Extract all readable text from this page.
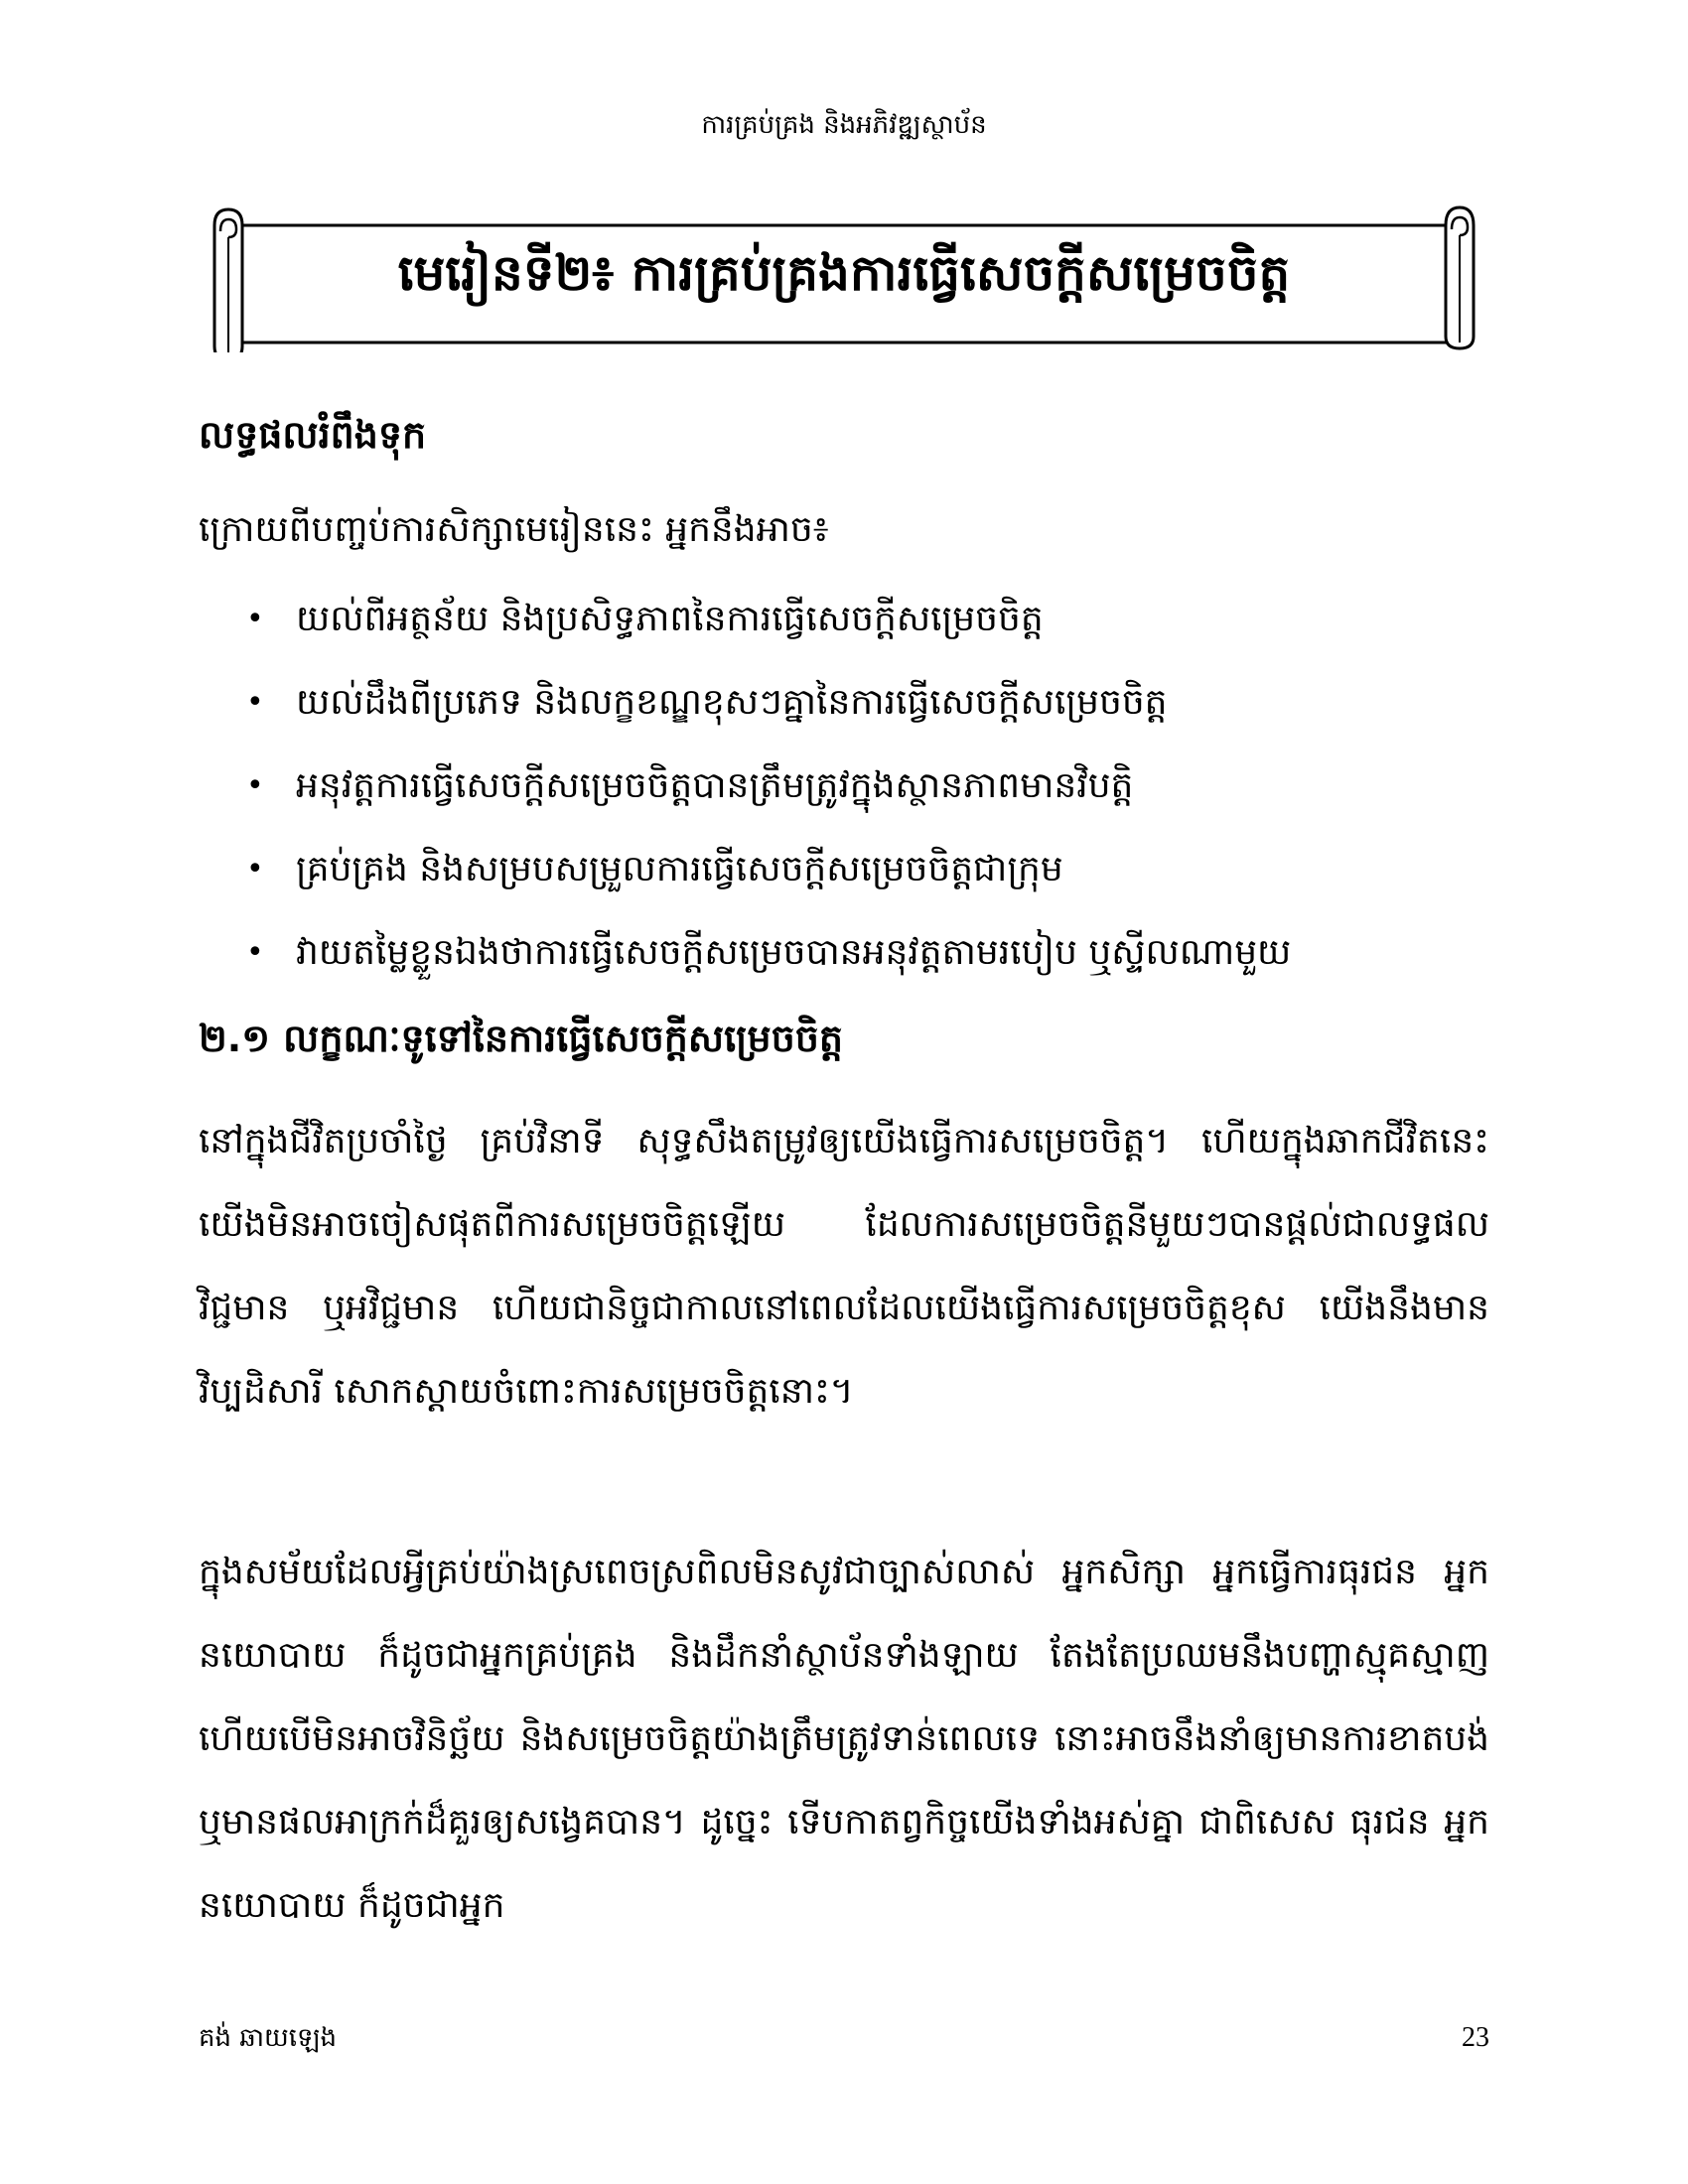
ការគ្រប់គ្រង និងអភិវឌ្ឍស្ថាប័ន
មេរៀនទី២៖ ការគ្រប់គ្រងការធ្វើសេចក្ដីសម្រេចចិត្ត
លទ្ធផលរំពឹងទុក
ក្រោយពីបញ្ចប់ការសិក្សាមេរៀននេះ អ្នកនឹងអាច៖
• យល់ពីអត្ថន័យ និងប្រសិទ្ធភាពនៃការធ្វើសេចក្ដីសម្រេចចិត្ត
• យល់ដឹងពីប្រភេទ និងលក្ខខណ្ឌខុសៗគ្នានៃការធ្វើសេចក្ដីសម្រេចចិត្ត
• អនុវត្តការធ្វើសេចក្ដីសម្រេចចិត្តបានត្រឹមត្រូវក្នុងស្ថានភាពមានវិបត្តិ
• គ្រប់គ្រង និងសម្របសម្រួលការធ្វើសេចក្ដីសម្រេចចិត្តជាក្រុម
• វាយតម្លៃខ្លួនឯងថាការធ្វើសេចក្ដីសម្រេចបានអនុវត្តតាមរបៀប ឬស្ទីលណាមួយ
២.១ លក្ខណៈទូទៅនៃការធ្វើសេចក្ដីសម្រេចចិត្ត

នៅក្នុងជីវិតប្រចាំថ្ងៃ គ្រប់វិនាទី សុទ្ធសឹងតម្រូវឲ្យយើងធ្វើការសម្រេចចិត្ត។ ហើយក្នុងឆាកជីវិតនេះ យើងមិនអាចចៀសផុតពីការសម្រេចចិត្តឡើយ ដែលការសម្រេចចិត្តនីមួយៗបានផ្ដល់ជាលទ្ធផលវិជ្ជមាន ឬអវិជ្ជមាន ហើយជានិច្ចជាកាលនៅពេលដែលយើងធ្វើការសម្រេចចិត្តខុស យើងនឹងមានវិប្បដិសារី សោកស្ដាយចំពោះការសម្រេចចិត្តនោះ។

ក្នុងសម័យដែលអ្វីគ្រប់យ៉ាងស្រពេចស្រពិលមិនសូវជាច្បាស់លាស់ អ្នកសិក្សា អ្នកធ្វើការធុរជន អ្នកនយោបាយ ក៏ដូចជាអ្នកគ្រប់គ្រង និងដឹកនាំស្ថាប័នទាំងឡាយ តែងតែប្រឈមនឹងបញ្ហាស្មុគស្មាញ ហើយបើមិនអាចវិនិច្ឆ័យ និងសម្រេចចិត្តយ៉ាងត្រឹមត្រូវទាន់ពេលទេ នោះអាចនឹងនាំឲ្យមានការខាតបង់ ឬមានផលអាក្រក់ដ៏គួរឲ្យសង្វេគបាន។ ដូច្នេះ ទើបកាតព្វកិច្ចយើងទាំងអស់គ្នា ជាពិសេស ធុរជន អ្នកនយោបាយ ក៏ដូចជាអ្នក

គង់ ឆាយឡេង	23
